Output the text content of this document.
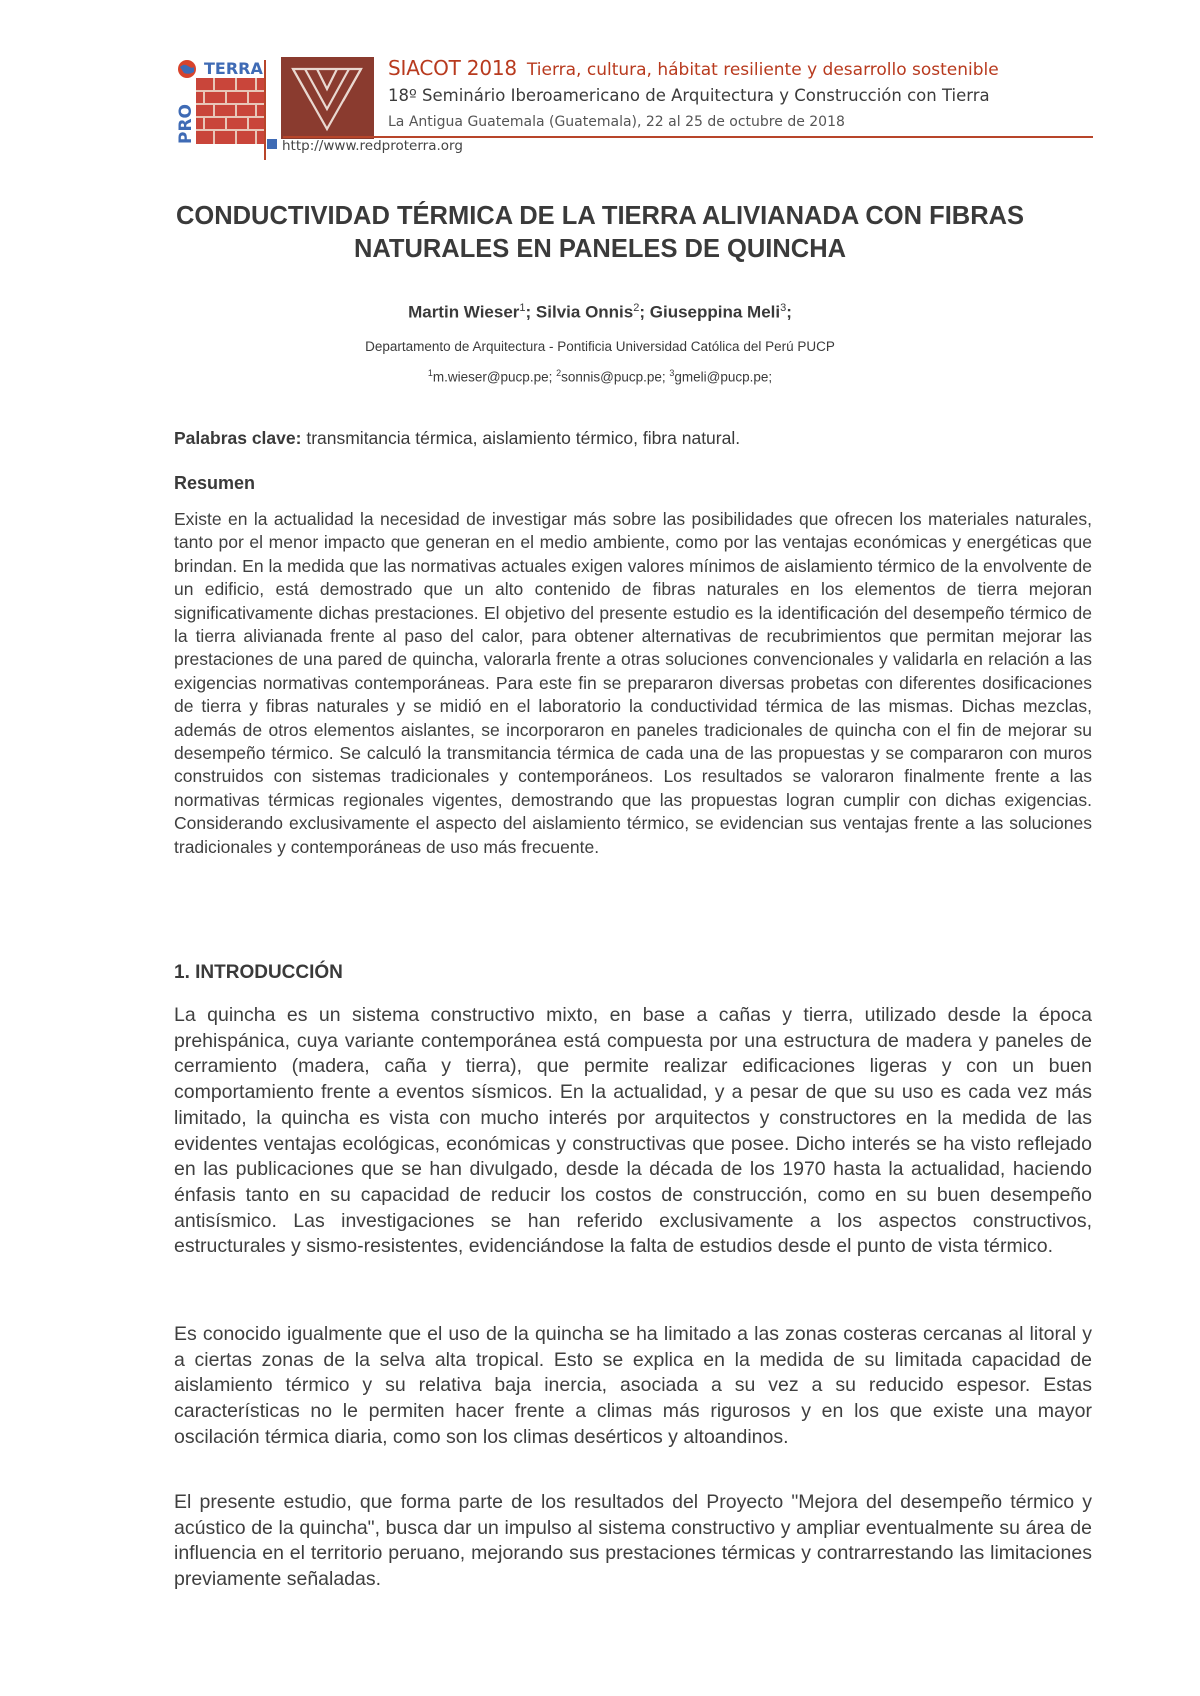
TERRA
PRO
SIACOT 2018 Tierra, cultura, hábitat resiliente y desarrollo sostenible
18º Seminário Iberoamericano de Arquitectura y Construcción con Tierra
La Antigua Guatemala (Guatemala), 22 al 25 de octubre de 2018
http://www.redproterra.org
CONDUCTIVIDAD TÉRMICA DE LA TIERRA ALIVIANADA CON FIBRAS NATURALES EN PANELES DE QUINCHA
Martin Wieser$^1$; Silvia Onnis$^2$; Giuseppina Meli$^3$;
Departamento de Arquitectura - Pontificia Universidad Católica del Perú PUCP
$^1$m.wieser@pucp.pe; $^2$sonnis@pucp.pe; $^3$gmeli@pucp.pe;
Palabras clave: transmitancia térmica, aislamiento térmico, fibra natural.
Resumen

Existe en la actualidad la necesidad de investigar más sobre las posibilidades que ofrecen los materiales naturales, tanto por el menor impacto que generan en el medio ambiente, como por las ventajas económicas y energéticas que brindan. En la medida que las normativas actuales exigen valores mínimos de aislamiento térmico de la envolvente de un edificio, está demostrado que un alto contenido de fibras naturales en los elementos de tierra mejoran significativamente dichas prestaciones. El objetivo del presente estudio es la identificación del desempeño térmico de la tierra alivianada frente al paso del calor, para obtener alternativas de recubrimientos que permitan mejorar las prestaciones de una pared de quincha, valorarla frente a otras soluciones convencionales y validarla en relación a las exigencias normativas contemporáneas. Para este fin se prepararon diversas probetas con diferentes dosificaciones de tierra y fibras naturales y se midió en el laboratorio la conductividad térmica de las mismas. Dichas mezclas, además de otros elementos aislantes, se incorporaron en paneles tradicionales de quincha con el fin de mejorar su desempeño térmico. Se calculó la transmitancia térmica de cada una de las propuestas y se compararon con muros construidos con sistemas tradicionales y contemporáneos. Los resultados se valoraron finalmente frente a las normativas térmicas regionales vigentes, demostrando que las propuestas logran cumplir con dichas exigencias. Considerando exclusivamente el aspecto del aislamiento térmico, se evidencian sus ventajas frente a las soluciones tradicionales y contemporáneas de uso más frecuente.

1. INTRODUCCIÓN

La quincha es un sistema constructivo mixto, en base a cañas y tierra, utilizado desde la época prehispánica, cuya variante contemporánea está compuesta por una estructura de madera y paneles de cerramiento (madera, caña y tierra), que permite realizar edificaciones ligeras y con un buen comportamiento frente a eventos sísmicos. En la actualidad, y a pesar de que su uso es cada vez más limitado, la quincha es vista con mucho interés por arquitectos y constructores en la medida de las evidentes ventajas ecológicas, económicas y constructivas que posee. Dicho interés se ha visto reflejado en las publicaciones que se han divulgado, desde la década de los 1970 hasta la actualidad, haciendo énfasis tanto en su capacidad de reducir los costos de construcción, como en su buen desempeño antisísmico. Las investigaciones se han referido exclusivamente a los aspectos constructivos, estructurales y sismo-resistentes, evidenciándose la falta de estudios desde el punto de vista térmico.

Es conocido igualmente que el uso de la quincha se ha limitado a las zonas costeras cercanas al litoral y a ciertas zonas de la selva alta tropical. Esto se explica en la medida de su limitada capacidad de aislamiento térmico y su relativa baja inercia, asociada a su vez a su reducido espesor. Estas características no le permiten hacer frente a climas más rigurosos y en los que existe una mayor oscilación térmica diaria, como son los climas desérticos y altoandinos.

El presente estudio, que forma parte de los resultados del Proyecto "Mejora del desempeño térmico y acústico de la quincha", busca dar un impulso al sistema constructivo y ampliar eventualmente su área de influencia en el territorio peruano, mejorando sus prestaciones térmicas y contrarrestando las limitaciones previamente señaladas.
